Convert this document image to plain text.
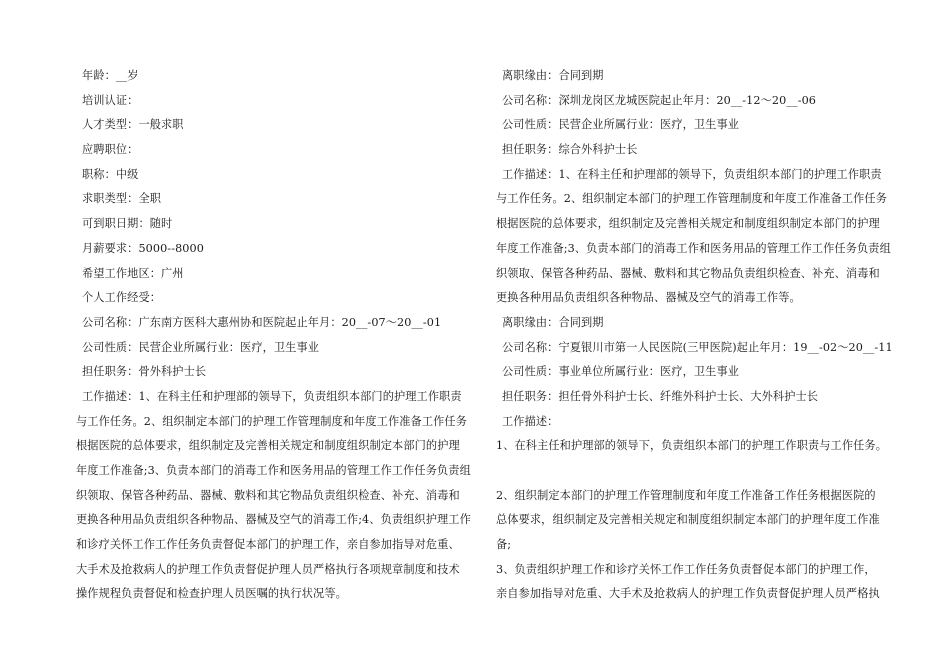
年龄：__岁

培训认证：

人才类型：一般求职

应聘职位：

职称：中级

求职类型：全职

可到职日期：随时

月薪要求：5000--8000

希望工作地区：广州

个人工作经受：

公司名称：广东南方医科大惠州协和医院起止年月：20__-07～20__-01

公司性质：民营企业所属行业：医疗，卫生事业

担任职务：骨外科护士长

工作描述：1、在科主任和护理部的领导下，负责组织本部门的护理工作职责

与工作任务。2、组织制定本部门的护理工作管理制度和年度工作准备工作任务

根据医院的总体要求，组织制定及完善相关规定和制度组织制定本部门的护理

年度工作准备;3、负责本部门的消毒工作和医务用品的管理工作工作任务负责组

织领取、保管各种药品、器械、敷料和其它物品负责组织检查、补充、消毒和

更换各种用品负责组织各种物品、器械及空气的消毒工作;4、负责组织护理工作

和诊疗关怀工作工作任务负责督促本部门的护理工作，亲自参加指导对危重、

大手术及抢救病人的护理工作负责督促护理人员严格执行各项规章制度和技术

操作规程负责督促和检查护理人员医嘱的执行状况等。

离职缘由：合同到期

公司名称：深圳龙岗区龙城医院起止年月：20__-12～20__-06

公司性质：民营企业所属行业：医疗，卫生事业

担任职务：综合外科护士长

工作描述：1、在科主任和护理部的领导下，负责组织本部门的护理工作职责

与工作任务。2、组织制定本部门的护理工作管理制度和年度工作准备工作任务

根据医院的总体要求，组织制定及完善相关规定和制度组织制定本部门的护理

年度工作准备;3、负责本部门的消毒工作和医务用品的管理工作工作任务负责组

织领取、保管各种药品、器械、敷料和其它物品负责组织检查、补充、消毒和

更换各种用品负责组织各种物品、器械及空气的消毒工作等。

离职缘由：合同到期

公司名称：宁夏银川市第一人民医院(三甲医院)起止年月：19__-02～20__-11

公司性质：事业单位所属行业：医疗，卫生事业

担任职务：担任骨外科护士长、纤维外科护士长、大外科护士长

工作描述：

1、在科主任和护理部的领导下，负责组织本部门的护理工作职责与工作任务。

2、组织制定本部门的护理工作管理制度和年度工作准备工作任务根据医院的

总体要求，组织制定及完善相关规定和制度组织制定本部门的护理年度工作准

备;

3、负责组织护理工作和诊疗关怀工作工作任务负责督促本部门的护理工作，

亲自参加指导对危重、大手术及抢救病人的护理工作负责督促护理人员严格执
